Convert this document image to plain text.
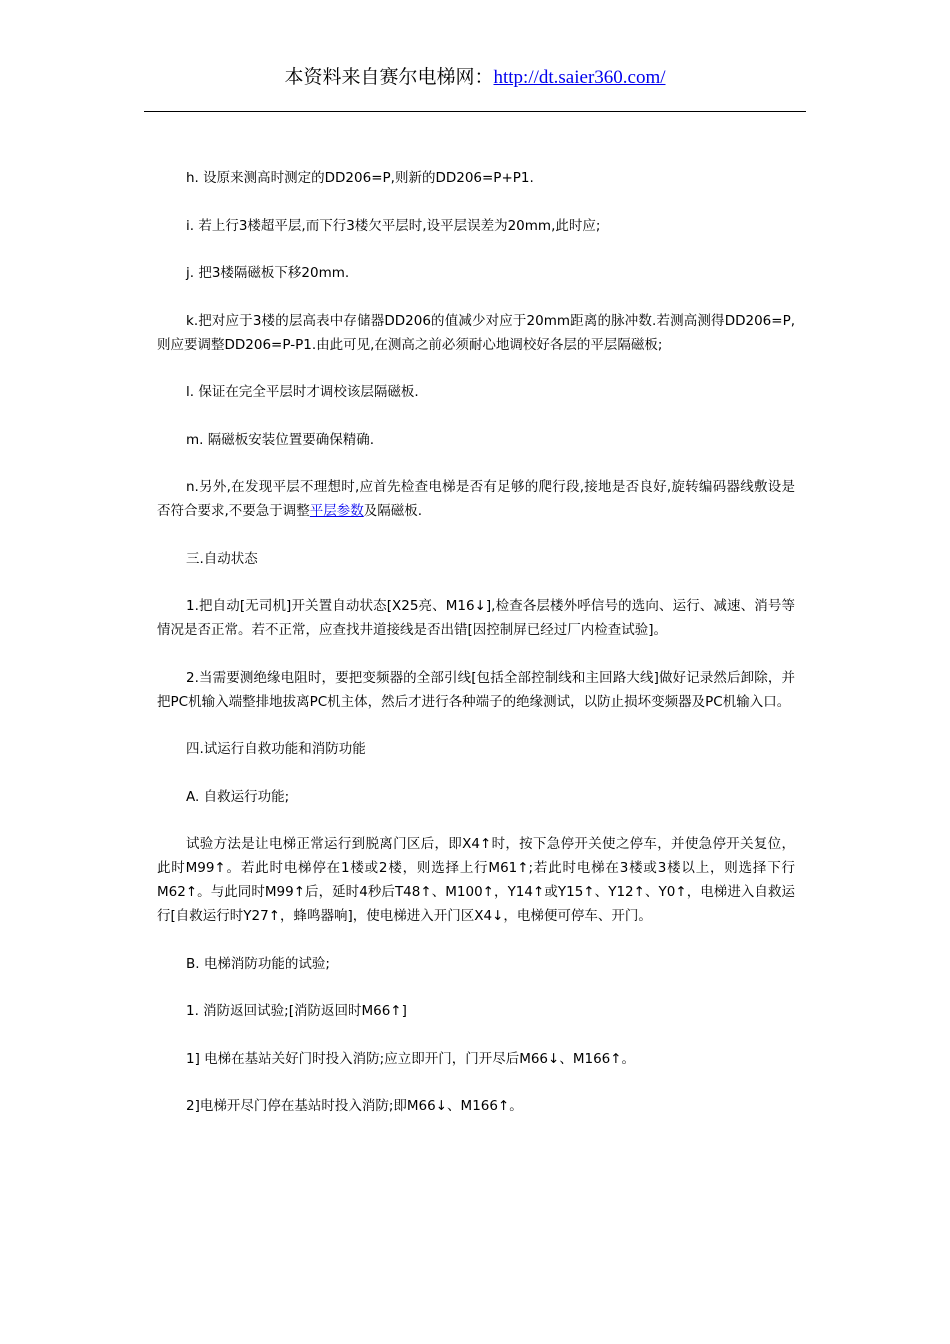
本资料来自赛尔电梯网：http://dt.saier360.com/

h. 设原来测高时测定的DD206=P,则新的DD206=P+P1.

i. 若上行3楼超平层,而下行3楼欠平层时,设平层误差为20mm,此时应;

j. 把3楼隔磁板下移20mm.

k.把对应于3楼的层高表中存储器DD206的值减少对应于20mm距离的脉冲数.若测高测得DD206=P,则应要调整DD206=P-P1.由此可见,在测高之前必须耐心地调校好各层的平层隔磁板;

l. 保证在完全平层时才调校该层隔磁板.

m. 隔磁板安装位置要确保精确.

n.另外,在发现平层不理想时,应首先检查电梯是否有足够的爬行段,接地是否良好,旋转编码器线敷设是否符合要求,不要急于调整平层参数及隔磁板.

三.自动状态

1.把自动[无司机]开关置自动状态[X25亮、M16↓],检查各层楼外呼信号的选向、运行、减速、消号等情况是否正常。若不正常，应查找井道接线是否出错[因控制屏已经过厂内检查试验]。

2.当需要测绝缘电阻时，要把变频器的全部引线[包括全部控制线和主回路大线]做好记录然后卸除，并把PC机输入端整排地拔离PC机主体，然后才进行各种端子的绝缘测试，以防止损坏变频器及PC机输入口。

四.试运行自救功能和消防功能

A. 自救运行功能;

试验方法是让电梯正常运行到脱离门区后，即X4↑时，按下急停开关使之停车，并使急停开关复位，此时M99↑。若此时电梯停在1楼或2楼，则选择上行M61↑;若此时电梯在3楼或3楼以上，则选择下行M62↑。与此同时M99↑后，延时4秒后T48↑、M100↑，Y14↑或Y15↑、Y12↑、Y0↑，电梯进入自救运行[自救运行时Y27↑，蜂鸣器响]，使电梯进入开门区X4↓，电梯便可停车、开门。

B. 电梯消防功能的试验;

1. 消防返回试验;[消防返回时M66↑]

1] 电梯在基站关好门时投入消防;应立即开门，门开尽后M66↓、M166↑。

2]电梯开尽门停在基站时投入消防;即M66↓、M166↑。
